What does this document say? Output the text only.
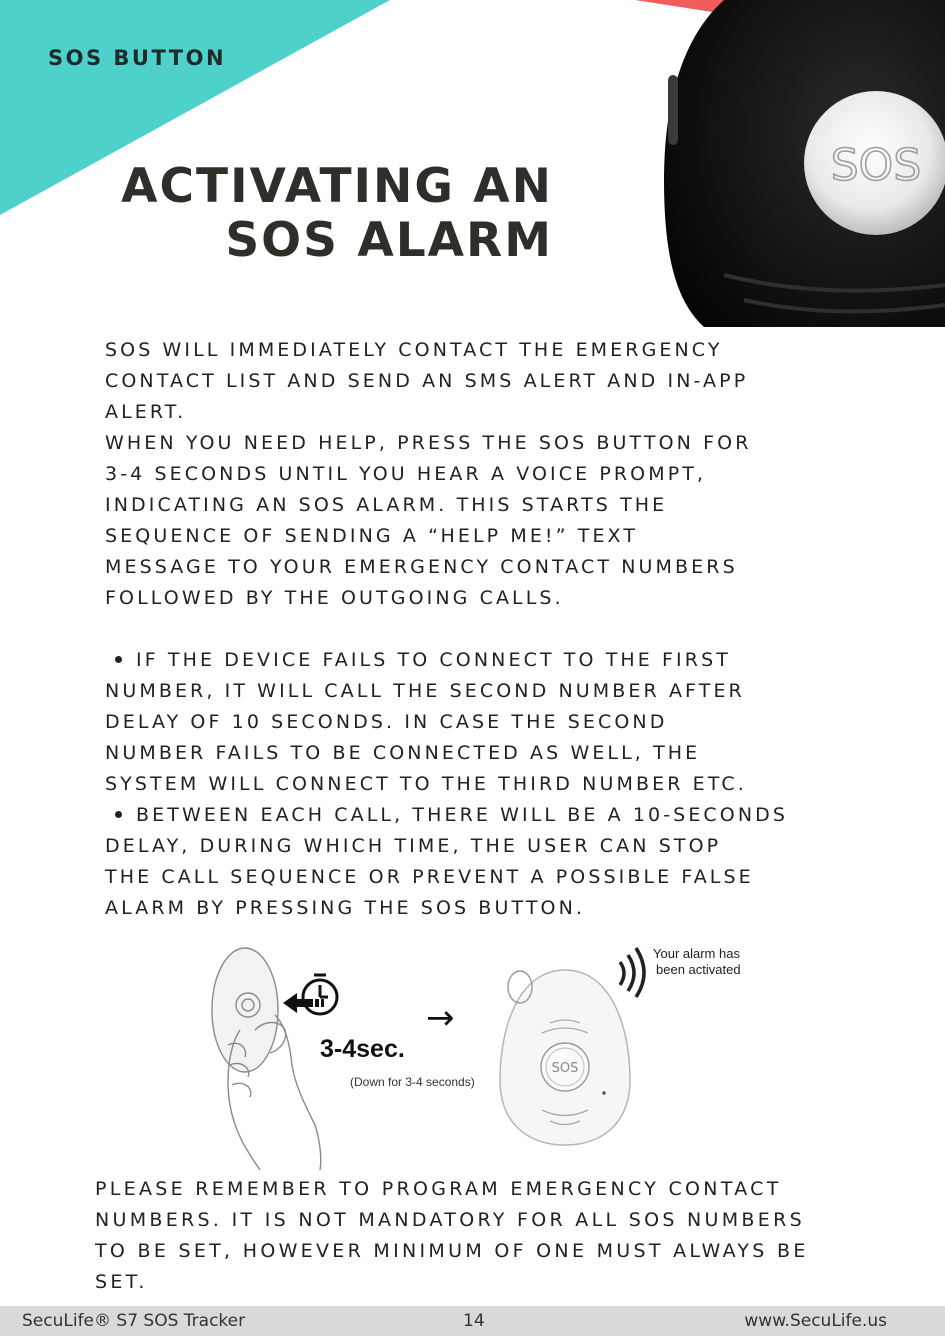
SOS BUTTON
ACTIVATING AN
SOS ALARM
SOS

SOS WILL IMMEDIATELY CONTACT THE EMERGENCY

CONTACT LIST AND SEND AN SMS ALERT AND IN-APP

ALERT.

WHEN YOU NEED HELP, PRESS THE SOS BUTTON FOR

3-4 SECONDS UNTIL YOU HEAR A VOICE PROMPT,

INDICATING AN SOS ALARM. THIS STARTS THE

SEQUENCE OF SENDING A “HELP ME!” TEXT

MESSAGE TO YOUR EMERGENCY CONTACT NUMBERS

FOLLOWED BY THE OUTGOING CALLS.

IF THE DEVICE FAILS TO CONNECT TO THE FIRST

NUMBER, IT WILL CALL THE SECOND NUMBER AFTER

DELAY OF 10 SECONDS. IN CASE THE SECOND

NUMBER FAILS TO BE CONNECTED AS WELL, THE

SYSTEM WILL CONNECT TO THE THIRD NUMBER ETC.

BETWEEN EACH CALL, THERE WILL BE A 10-SECONDS

DELAY, DURING WHICH TIME, THE USER CAN STOP

THE CALL SEQUENCE OR PREVENT A POSSIBLE FALSE

ALARM BY PRESSING THE SOS BUTTON.

3-4sec.
(Down for 3-4 seconds)
→
SOS
Your alarm has
been activated

PLEASE REMEMBER TO PROGRAM EMERGENCY CONTACT

NUMBERS. IT IS NOT MANDATORY FOR ALL SOS NUMBERS

TO BE SET, HOWEVER MINIMUM OF ONE MUST ALWAYS BE

SET.

SecuLife® S7 SOS Tracker	14	www.SecuLife.us
